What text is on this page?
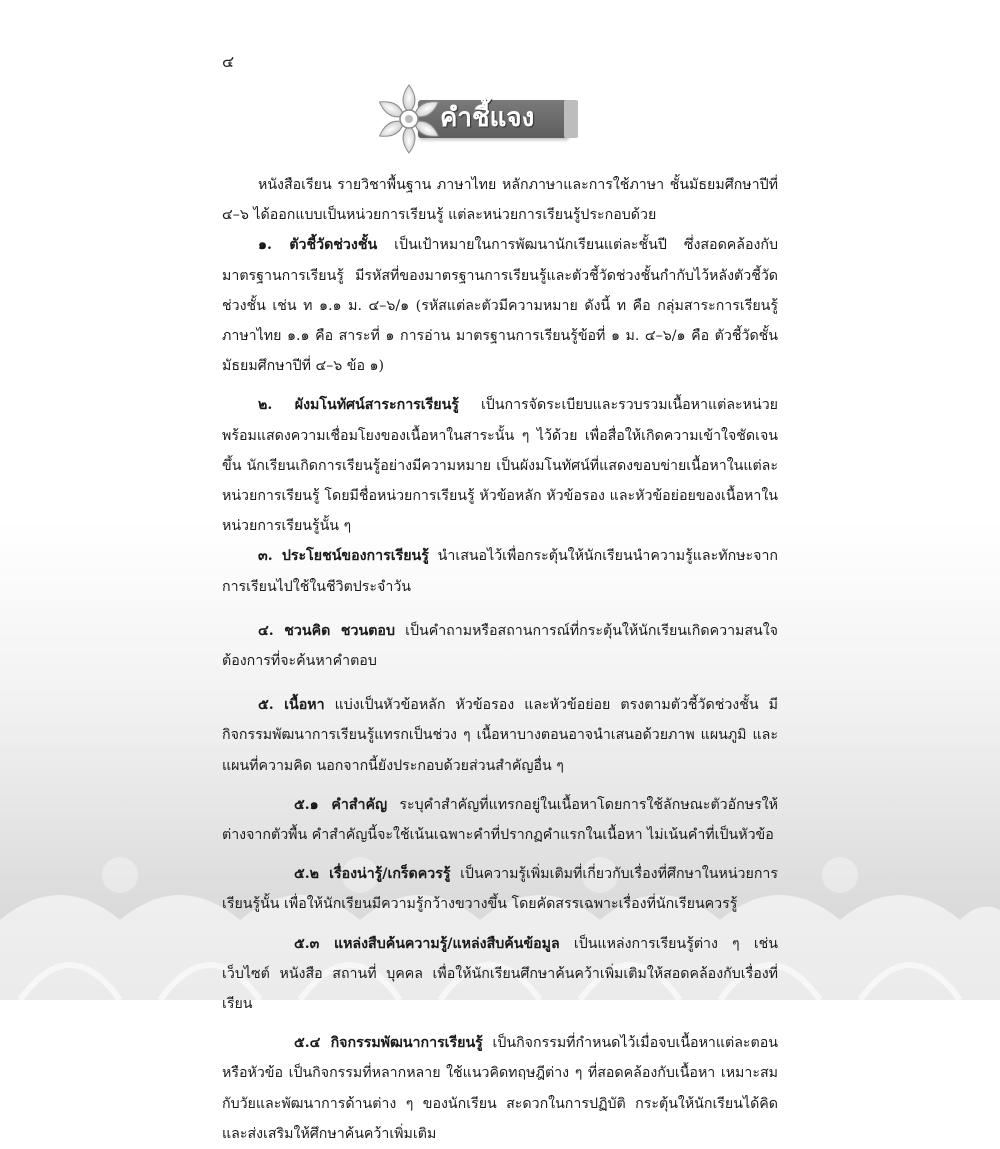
๔
คำชี้แจง

หนังสือเรียน รายวิชาพื้นฐาน ภาษาไทย หลักภาษาและการใช้ภาษา ชั้นมัธยมศึกษาปีที่ ๔–๖ ได้ออกแบบเป็นหน่วยการเรียนรู้ แต่ละหน่วยการเรียนรู้ประกอบด้วย

๑. ตัวชี้วัดช่วงชั้น เป็นเป้าหมายในการพัฒนานักเรียนแต่ละชั้นปี ซึ่งสอดคล้องกับมาตรฐานการเรียนรู้ มีรหัสที่ของมาตรฐานการเรียนรู้และตัวชี้วัดช่วงชั้นกำกับไว้หลังตัวชี้วัดช่วงชั้น เช่น ท ๑.๑ ม. ๔–๖/๑ (รหัสแต่ละตัวมีความหมาย ดังนี้ ท คือ กลุ่มสาระการเรียนรู้ภาษาไทย ๑.๑ คือ สาระที่ ๑ การอ่าน มาตรฐานการเรียนรู้ข้อที่ ๑ ม. ๔–๖/๑ คือ ตัวชี้วัดชั้นมัธยมศึกษาปีที่ ๔–๖ ข้อ ๑)

๒. ผังมโนทัศน์สาระการเรียนรู้ เป็นการจัดระเบียบและรวบรวมเนื้อหาแต่ละหน่วย พร้อมแสดงความเชื่อมโยงของเนื้อหาในสาระนั้น ๆ ไว้ด้วย เพื่อสื่อให้เกิดความเข้าใจชัดเจนขึ้น นักเรียนเกิดการเรียนรู้อย่างมีความหมาย เป็นผังมโนทัศน์ที่แสดงขอบข่ายเนื้อหาในแต่ละหน่วยการเรียนรู้ โดยมีชื่อหน่วยการเรียนรู้ หัวข้อหลัก หัวข้อรอง และหัวข้อย่อยของเนื้อหาในหน่วยการเรียนรู้นั้น ๆ

๓. ประโยชน์ของการเรียนรู้ นำเสนอไว้เพื่อกระตุ้นให้นักเรียนนำความรู้และทักษะจากการเรียนไปใช้ในชีวิตประจำวัน

๔. ชวนคิด ชวนตอบ เป็นคำถามหรือสถานการณ์ที่กระตุ้นให้นักเรียนเกิดความสนใจ ต้องการที่จะค้นหาคำตอบ

๕. เนื้อหา แบ่งเป็นหัวข้อหลัก หัวข้อรอง และหัวข้อย่อย ตรงตามตัวชี้วัดช่วงชั้น มีกิจกรรมพัฒนาการเรียนรู้แทรกเป็นช่วง ๆ เนื้อหาบางตอนอาจนำเสนอด้วยภาพ แผนภูมิ และแผนที่ความคิด นอกจากนี้ยังประกอบด้วยส่วนสำคัญอื่น ๆ

๕.๑ คำสำคัญ ระบุคำสำคัญที่แทรกอยู่ในเนื้อหาโดยการใช้ลักษณะตัวอักษรให้ต่างจากตัวพื้น คำสำคัญนี้จะใช้เน้นเฉพาะคำที่ปรากฏคำแรกในเนื้อหา ไม่เน้นคำที่เป็นหัวข้อ

๕.๒ เรื่องน่ารู้/เกร็ดควรรู้ เป็นความรู้เพิ่มเติมที่เกี่ยวกับเรื่องที่ศึกษาในหน่วยการเรียนรู้นั้น เพื่อให้นักเรียนมีความรู้กว้างขวางขึ้น โดยคัดสรรเฉพาะเรื่องที่นักเรียนควรรู้

๕.๓ แหล่งสืบค้นความรู้/แหล่งสืบค้นข้อมูล เป็นแหล่งการเรียนรู้ต่าง ๆ เช่น เว็บไซต์ หนังสือ สถานที่ บุคคล เพื่อให้นักเรียนศึกษาค้นคว้าเพิ่มเติมให้สอดคล้องกับเรื่องที่เรียน

๕.๔ กิจกรรมพัฒนาการเรียนรู้ เป็นกิจกรรมที่กำหนดไว้เมื่อจบเนื้อหาแต่ละตอนหรือหัวข้อ เป็นกิจกรรมที่หลากหลาย ใช้แนวคิดทฤษฎีต่าง ๆ ที่สอดคล้องกับเนื้อหา เหมาะสมกับวัยและพัฒนาการด้านต่าง ๆ ของนักเรียน สะดวกในการปฏิบัติ กระตุ้นให้นักเรียนได้คิด และส่งเสริมให้ศึกษาค้นคว้าเพิ่มเติม
